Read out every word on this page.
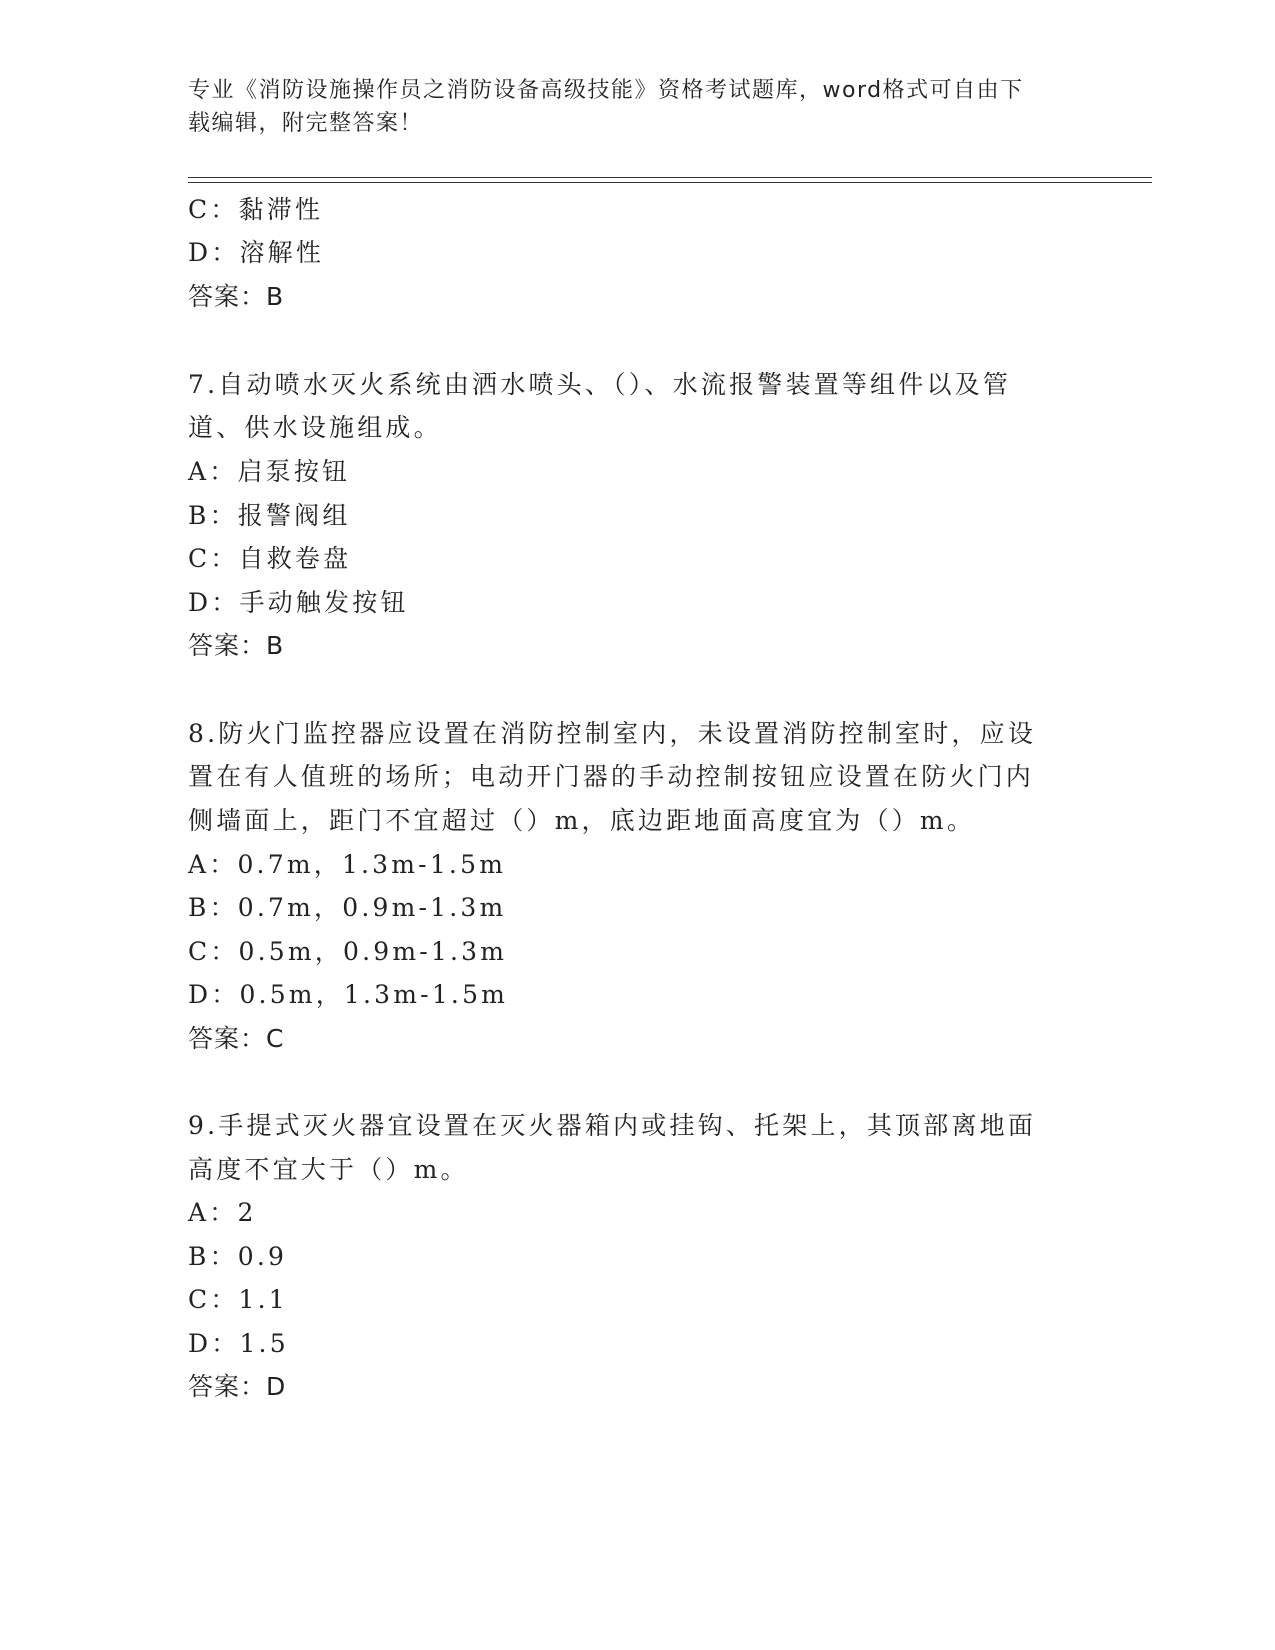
专业《消防设施操作员之消防设备高级技能》资格考试题库，word格式可自由下
载编辑，附完整答案！
C：黏滞性
D：溶解性
答案：B
7.自动喷水灭火系统由洒水喷头、（）、水流报警装置等组件以及管
道、供水设施组成。
A：启泵按钮
B：报警阀组
C：自救卷盘
D：手动触发按钮
答案：B
8.防火门监控器应设置在消防控制室内，未设置消防控制室时，应设
置在有人值班的场所；电动开门器的手动控制按钮应设置在防火门内
侧墙面上，距门不宜超过（）m，底边距地面高度宜为（）m。
A：0.7m，1.3m-1.5m
B：0.7m，0.9m-1.3m
C：0.5m，0.9m-1.3m
D：0.5m，1.3m-1.5m
答案：C
9.手提式灭火器宜设置在灭火器箱内或挂钩、托架上，其顶部离地面
高度不宜大于（）m。
A：2
B：0.9
C：1.1
D：1.5
答案：D
